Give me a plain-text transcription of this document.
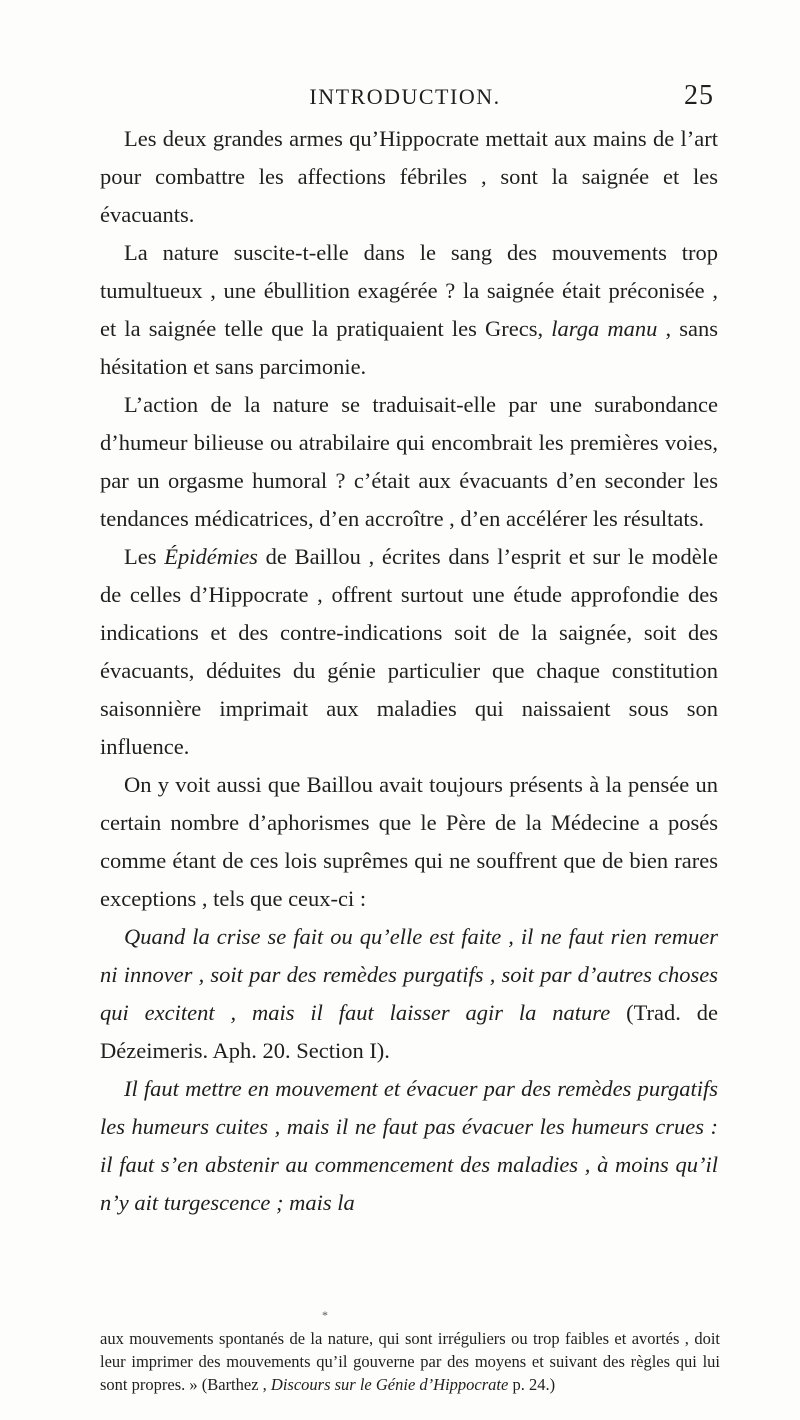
INTRODUCTION.	25

Les deux grandes armes qu’Hippocrate mettait aux mains de l’art pour combattre les affections fébriles , sont la saignée et les évacuants.

La nature suscite-t-elle dans le sang des mouvements trop tumultueux , une ébullition exagérée ? la saignée était préconisée , et la saignée telle que la pratiquaient les Grecs, larga manu , sans hésitation et sans parcimonie.

L’action de la nature se traduisait-elle par une surabondance d’humeur bilieuse ou atrabilaire qui encombrait les premières voies, par un orgasme humoral ? c’était aux évacuants d’en seconder les tendances médicatrices, d’en accroître , d’en accélérer les résultats.

Les Épidémies de Baillou , écrites dans l’esprit et sur le modèle de celles d’Hippocrate , offrent surtout une étude approfondie des indications et des contre-indications soit de la saignée, soit des évacuants, déduites du génie particulier que chaque constitution saisonnière imprimait aux maladies qui naissaient sous son influence.

On y voit aussi que Baillou avait toujours présents à la pensée un certain nombre d’aphorismes que le Père de la Médecine a posés comme étant de ces lois suprêmes qui ne souffrent que de bien rares exceptions , tels que ceux-ci :

Quand la crise se fait ou qu’elle est faite , il ne faut rien remuer ni innover , soit par des remèdes purgatifs , soit par d’autres choses qui excitent , mais il faut laisser agir la nature (Trad. de Dézeimeris. Aph. 20. Section I).

Il faut mettre en mouvement et évacuer par des remèdes purgatifs les humeurs cuites , mais il ne faut pas évacuer les humeurs crues : il faut s’en abstenir au commencement des maladies , à moins qu’il n’y ait turgescence ; mais la

*

aux mouvements spontanés de la nature, qui sont irréguliers ou trop faibles et avortés , doit leur imprimer des mouvements qu’il gouverne par des moyens et suivant des règles qui lui sont propres. » (Barthez , Discours sur le Génie d’Hippocrate p. 24.)
